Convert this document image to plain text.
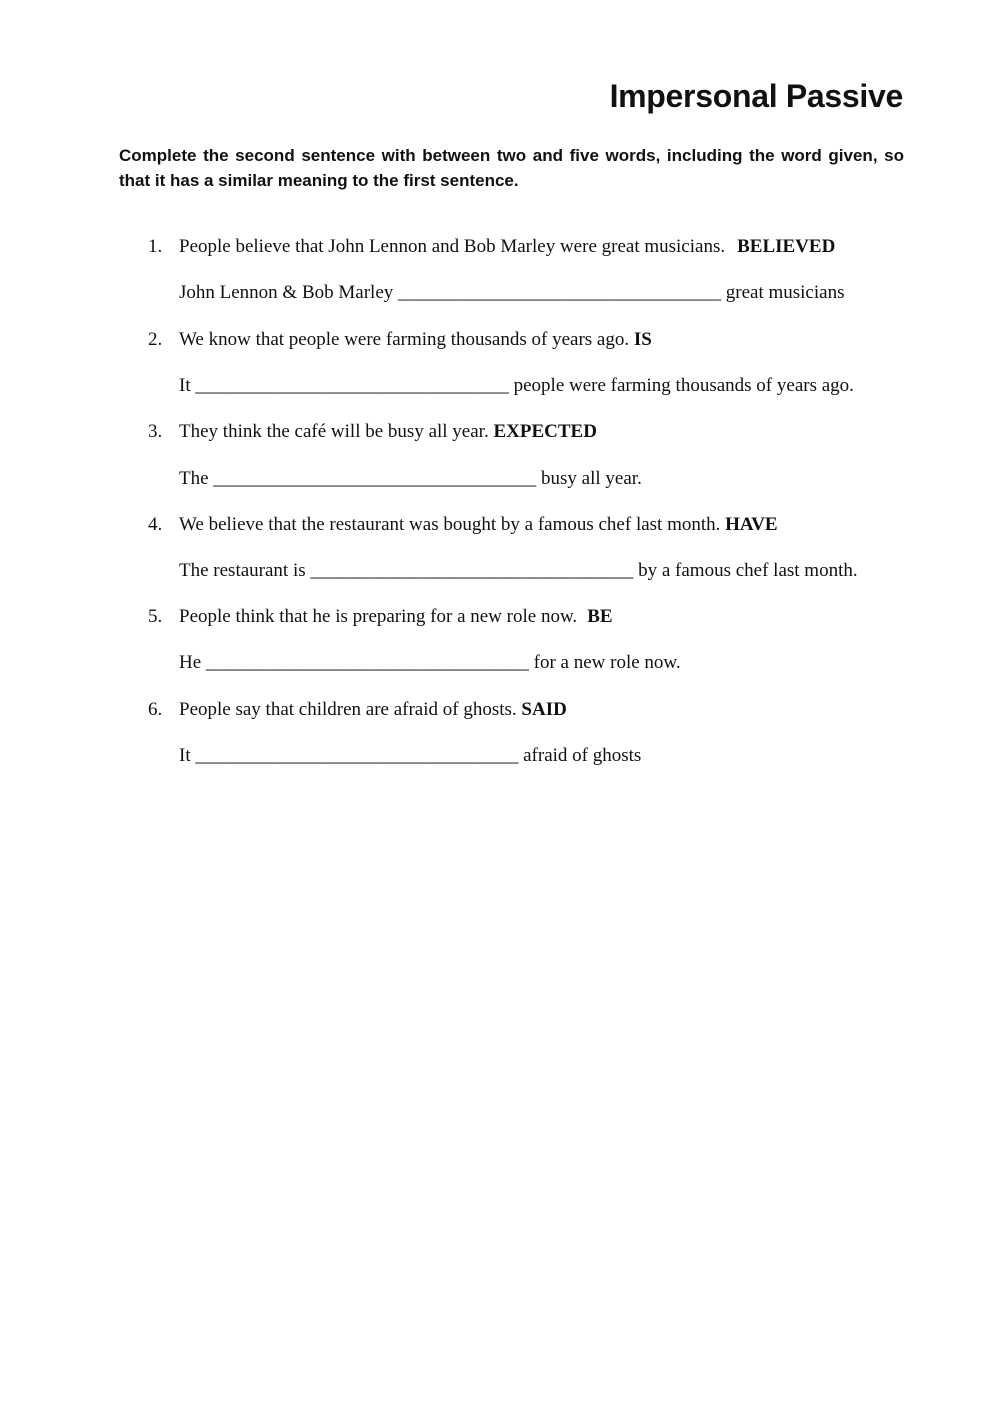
Impersonal Passive

Complete the second sentence with between two and five words, including the word given, so that it has a similar meaning to the first sentence.

1. People believe that John Lennon and Bob Marley were great musicians. BELIEVED
John Lennon & Bob Marley __________________________________ great musicians
2. We know that people were farming thousands of years ago. IS
It _________________________________ people were farming thousands of years ago.
3. They think the café will be busy all year. EXPECTED
The __________________________________ busy all year.
4. We believe that the restaurant was bought by a famous chef last month. HAVE
The restaurant is __________________________________ by a famous chef last month.
5. People think that he is preparing for a new role now. BE
He __________________________________ for a new role now.
6. People say that children are afraid of ghosts. SAID
It __________________________________ afraid of ghosts
